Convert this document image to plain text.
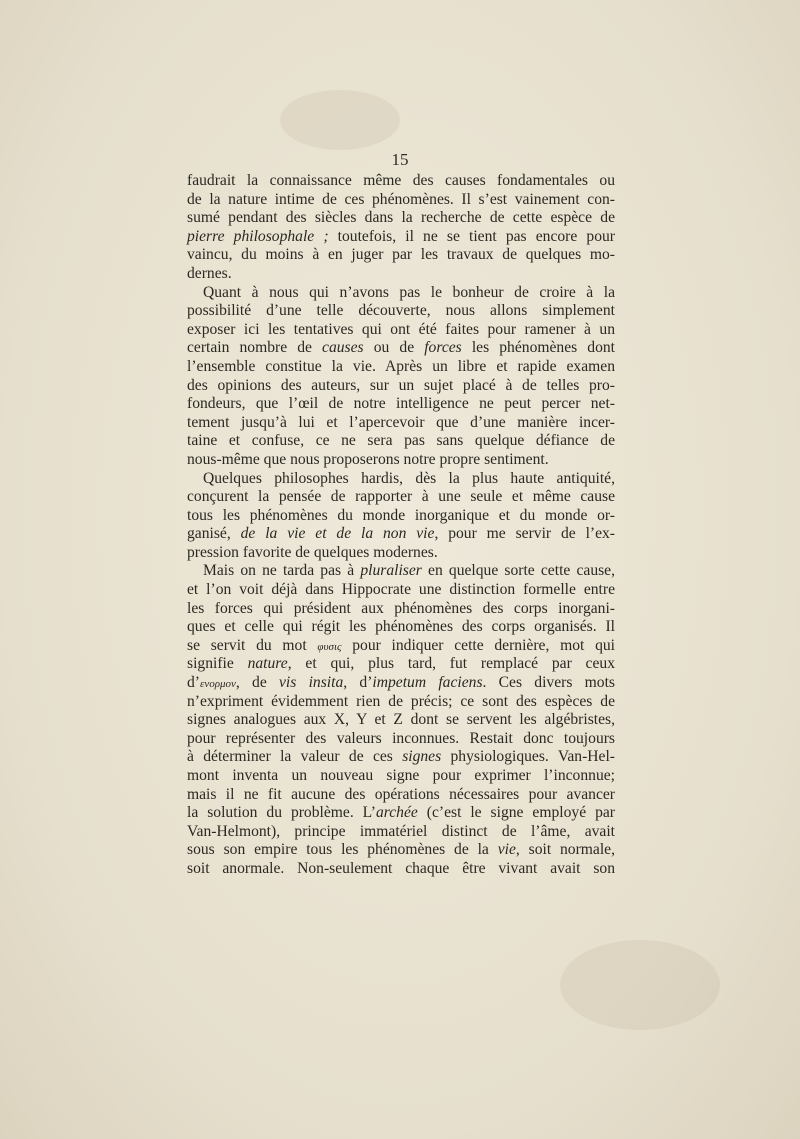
15
faudrait la connaissance même des causes fondamentales ou
de la nature intime de ces phénomènes. Il s’est vainement con-
sumé pendant des siècles dans la recherche de cette espèce de
pierre philosophale ; toutefois, il ne se tient pas encore pour
vaincu, du moins à en juger par les travaux de quelques mo-
dernes.
Quant à nous qui n’avons pas le bonheur de croire à la
possibilité d’une telle découverte, nous allons simplement
exposer ici les tentatives qui ont été faites pour ramener à un
certain nombre de causes ou de forces les phénomènes dont
l’ensemble constitue la vie. Après un libre et rapide examen
des opinions des auteurs, sur un sujet placé à de telles pro-
fondeurs, que l’œil de notre intelligence ne peut percer net-
tement jusqu’à lui et l’apercevoir que d’une manière incer-
taine et confuse, ce ne sera pas sans quelque défiance de
nous-même que nous proposerons notre propre sentiment.
Quelques philosophes hardis, dès la plus haute antiquité,
conçurent la pensée de rapporter à une seule et même cause
tous les phénomènes du monde inorganique et du monde or-
ganisé, de la vie et de la non vie, pour me servir de l’ex-
pression favorite de quelques modernes.
Mais on ne tarda pas à pluraliser en quelque sorte cette cause,
et l’on voit déjà dans Hippocrate une distinction formelle entre
les forces qui président aux phénomènes des corps inorgani-
ques et celle qui régit les phénomènes des corps organisés. Il
se servit du mot φυσις pour indiquer cette dernière, mot qui
signifie nature, et qui, plus tard, fut remplacé par ceux
d’ενορμον, de vis insita, d’impetum faciens. Ces divers mots
n’expriment évidemment rien de précis; ce sont des espèces de
signes analogues aux X, Y et Z dont se servent les algébristes,
pour représenter des valeurs inconnues. Restait donc toujours
à déterminer la valeur de ces signes physiologiques. Van-Hel-
mont inventa un nouveau signe pour exprimer l’inconnue;
mais il ne fit aucune des opérations nécessaires pour avancer
la solution du problème. L’archée (c’est le signe employé par
Van-Helmont), principe immatériel distinct de l’âme, avait
sous son empire tous les phénomènes de la vie, soit normale,
soit anormale. Non-seulement chaque être vivant avait son
